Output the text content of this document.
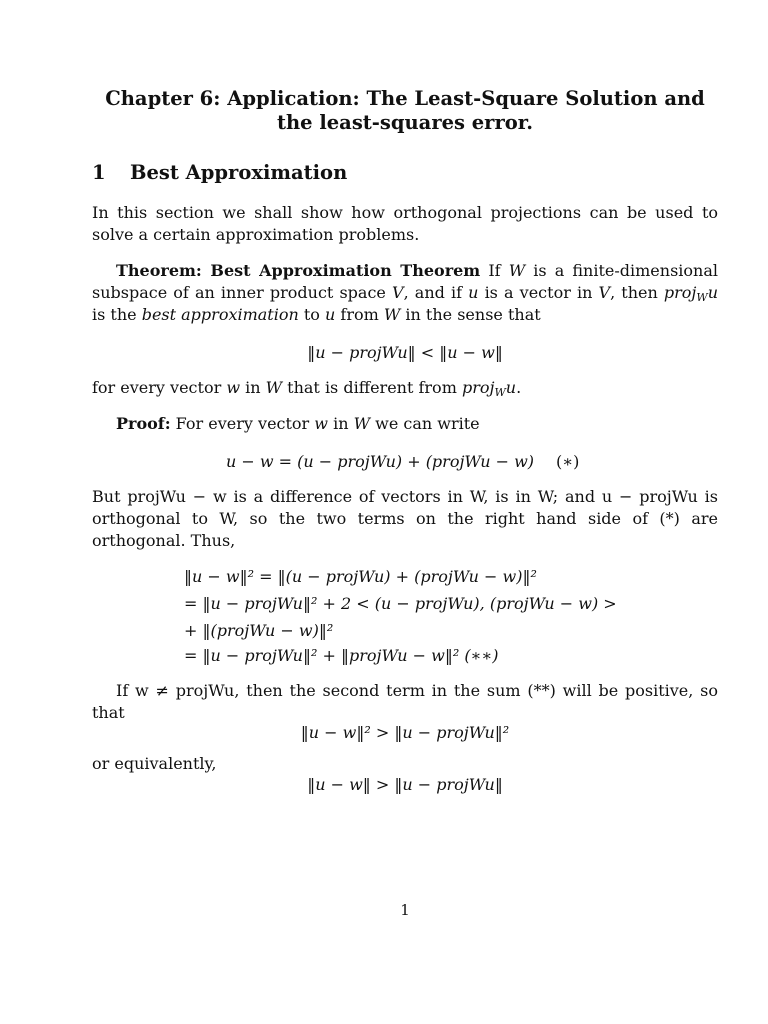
Chapter 6: Application: The Least-Square Solution and the least-squares error.
1 Best Approximation
In this section we shall show how orthogonal projections can be used to solve a certain approximation problems.
Theorem: Best Approximation Theorem If W is a finite-dimensional subspace of an inner product space V, and if u is a vector in V, then proj$_W$u is the best approximation to u from W in the sense that
‖u − projWu‖ < ‖u − w‖
for every vector w in W that is different from proj$_W$u.
Proof: For every vector w in W we can write
u − w = (u − projWu) + (projWu − w) (∗)
But projWu − w is a difference of vectors in W, is in W; and u − projWu is orthogonal to W, so the two terms on the right hand side of (*) are orthogonal. Thus,
‖u − w‖² = ‖(u − projWu) + (projWu − w)‖²
= ‖u − projWu‖² + 2 < (u − projWu), (projWu − w) >
+ ‖(projWu − w)‖²
= ‖u − projWu‖² + ‖projWu − w‖² (∗∗)
If w ≠ projWu, then the second term in the sum (**) will be positive, so that
‖u − w‖² > ‖u − projWu‖²
or equivalently,
‖u − w‖ > ‖u − projWu‖
1
